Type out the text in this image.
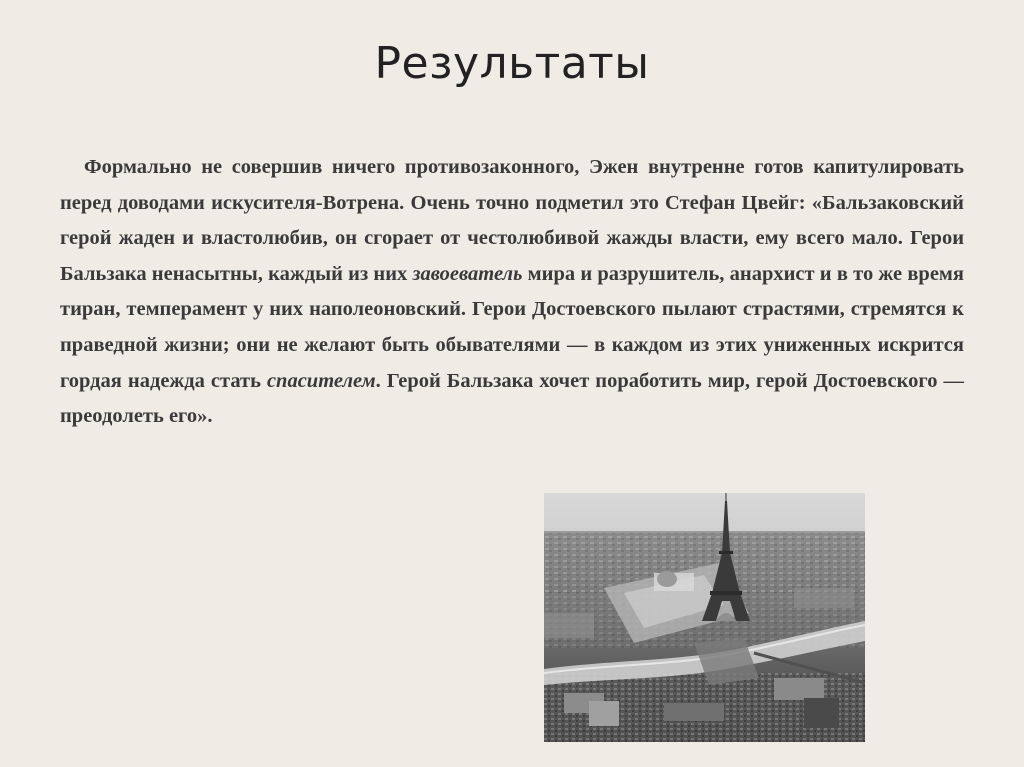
Результаты

Формально не совершив ничего противозаконного, Эжен внутренне готов капитулировать перед доводами искусителя-Вотрена. Очень точно подметил это Стефан Цвейг: «Бальзаковский герой жаден и властолюбив, он сгорает от честолюбивой жажды власти, ему всего мало. Герои Бальзака ненасытны, каждый из них завоеватель мира и разрушитель, анархист и в то же время тиран, темперамент у них наполеоновский. Герои Достоевского пылают страстями, стремятся к праведной жизни; они не желают быть обывателями — в каждом из этих униженных искрится гордая надежда стать спасителем. Герой Бальзака хочет поработить мир, герой Достоевского — преодолеть его».
